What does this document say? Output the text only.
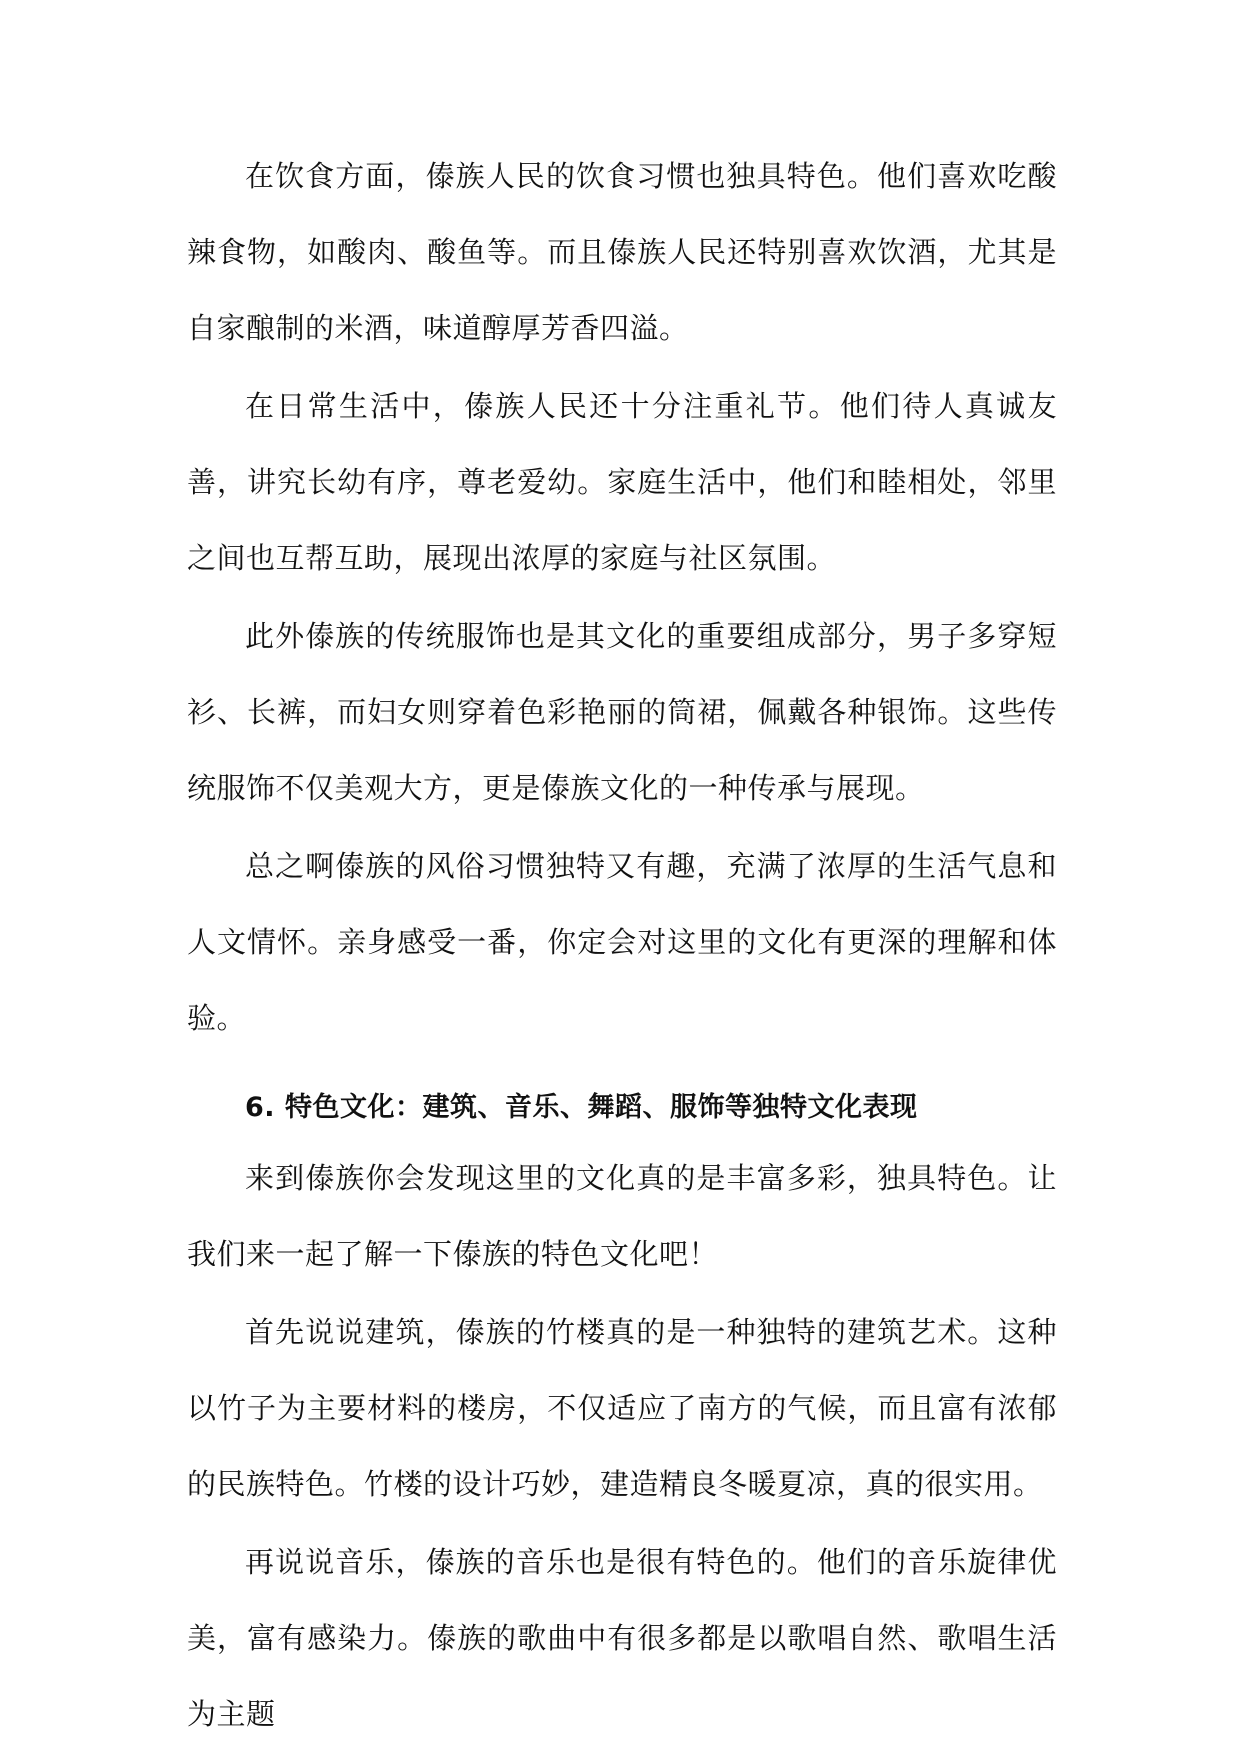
在饮食方面，傣族人民的饮食习惯也独具特色。他们喜欢吃酸辣食物，如酸肉、酸鱼等。而且傣族人民还特别喜欢饮酒，尤其是自家酿制的米酒，味道醇厚芳香四溢。

在日常生活中，傣族人民还十分注重礼节。他们待人真诚友善，讲究长幼有序，尊老爱幼。家庭生活中，他们和睦相处，邻里之间也互帮互助，展现出浓厚的家庭与社区氛围。

此外傣族的传统服饰也是其文化的重要组成部分，男子多穿短衫、长裤，而妇女则穿着色彩艳丽的筒裙，佩戴各种银饰。这些传统服饰不仅美观大方，更是傣族文化的一种传承与展现。

总之啊傣族的风俗习惯独特又有趣，充满了浓厚的生活气息和人文情怀。亲身感受一番，你定会对这里的文化有更深的理解和体验。

6. 特色文化：建筑、音乐、舞蹈、服饰等独特文化表现

来到傣族你会发现这里的文化真的是丰富多彩，独具特色。让我们来一起了解一下傣族的特色文化吧！

首先说说建筑，傣族的竹楼真的是一种独特的建筑艺术。这种以竹子为主要材料的楼房，不仅适应了南方的气候，而且富有浓郁的民族特色。竹楼的设计巧妙，建造精良冬暖夏凉，真的很实用。

再说说音乐，傣族的音乐也是很有特色的。他们的音乐旋律优美，富有感染力。傣族的歌曲中有很多都是以歌唱自然、歌唱生活为主题
